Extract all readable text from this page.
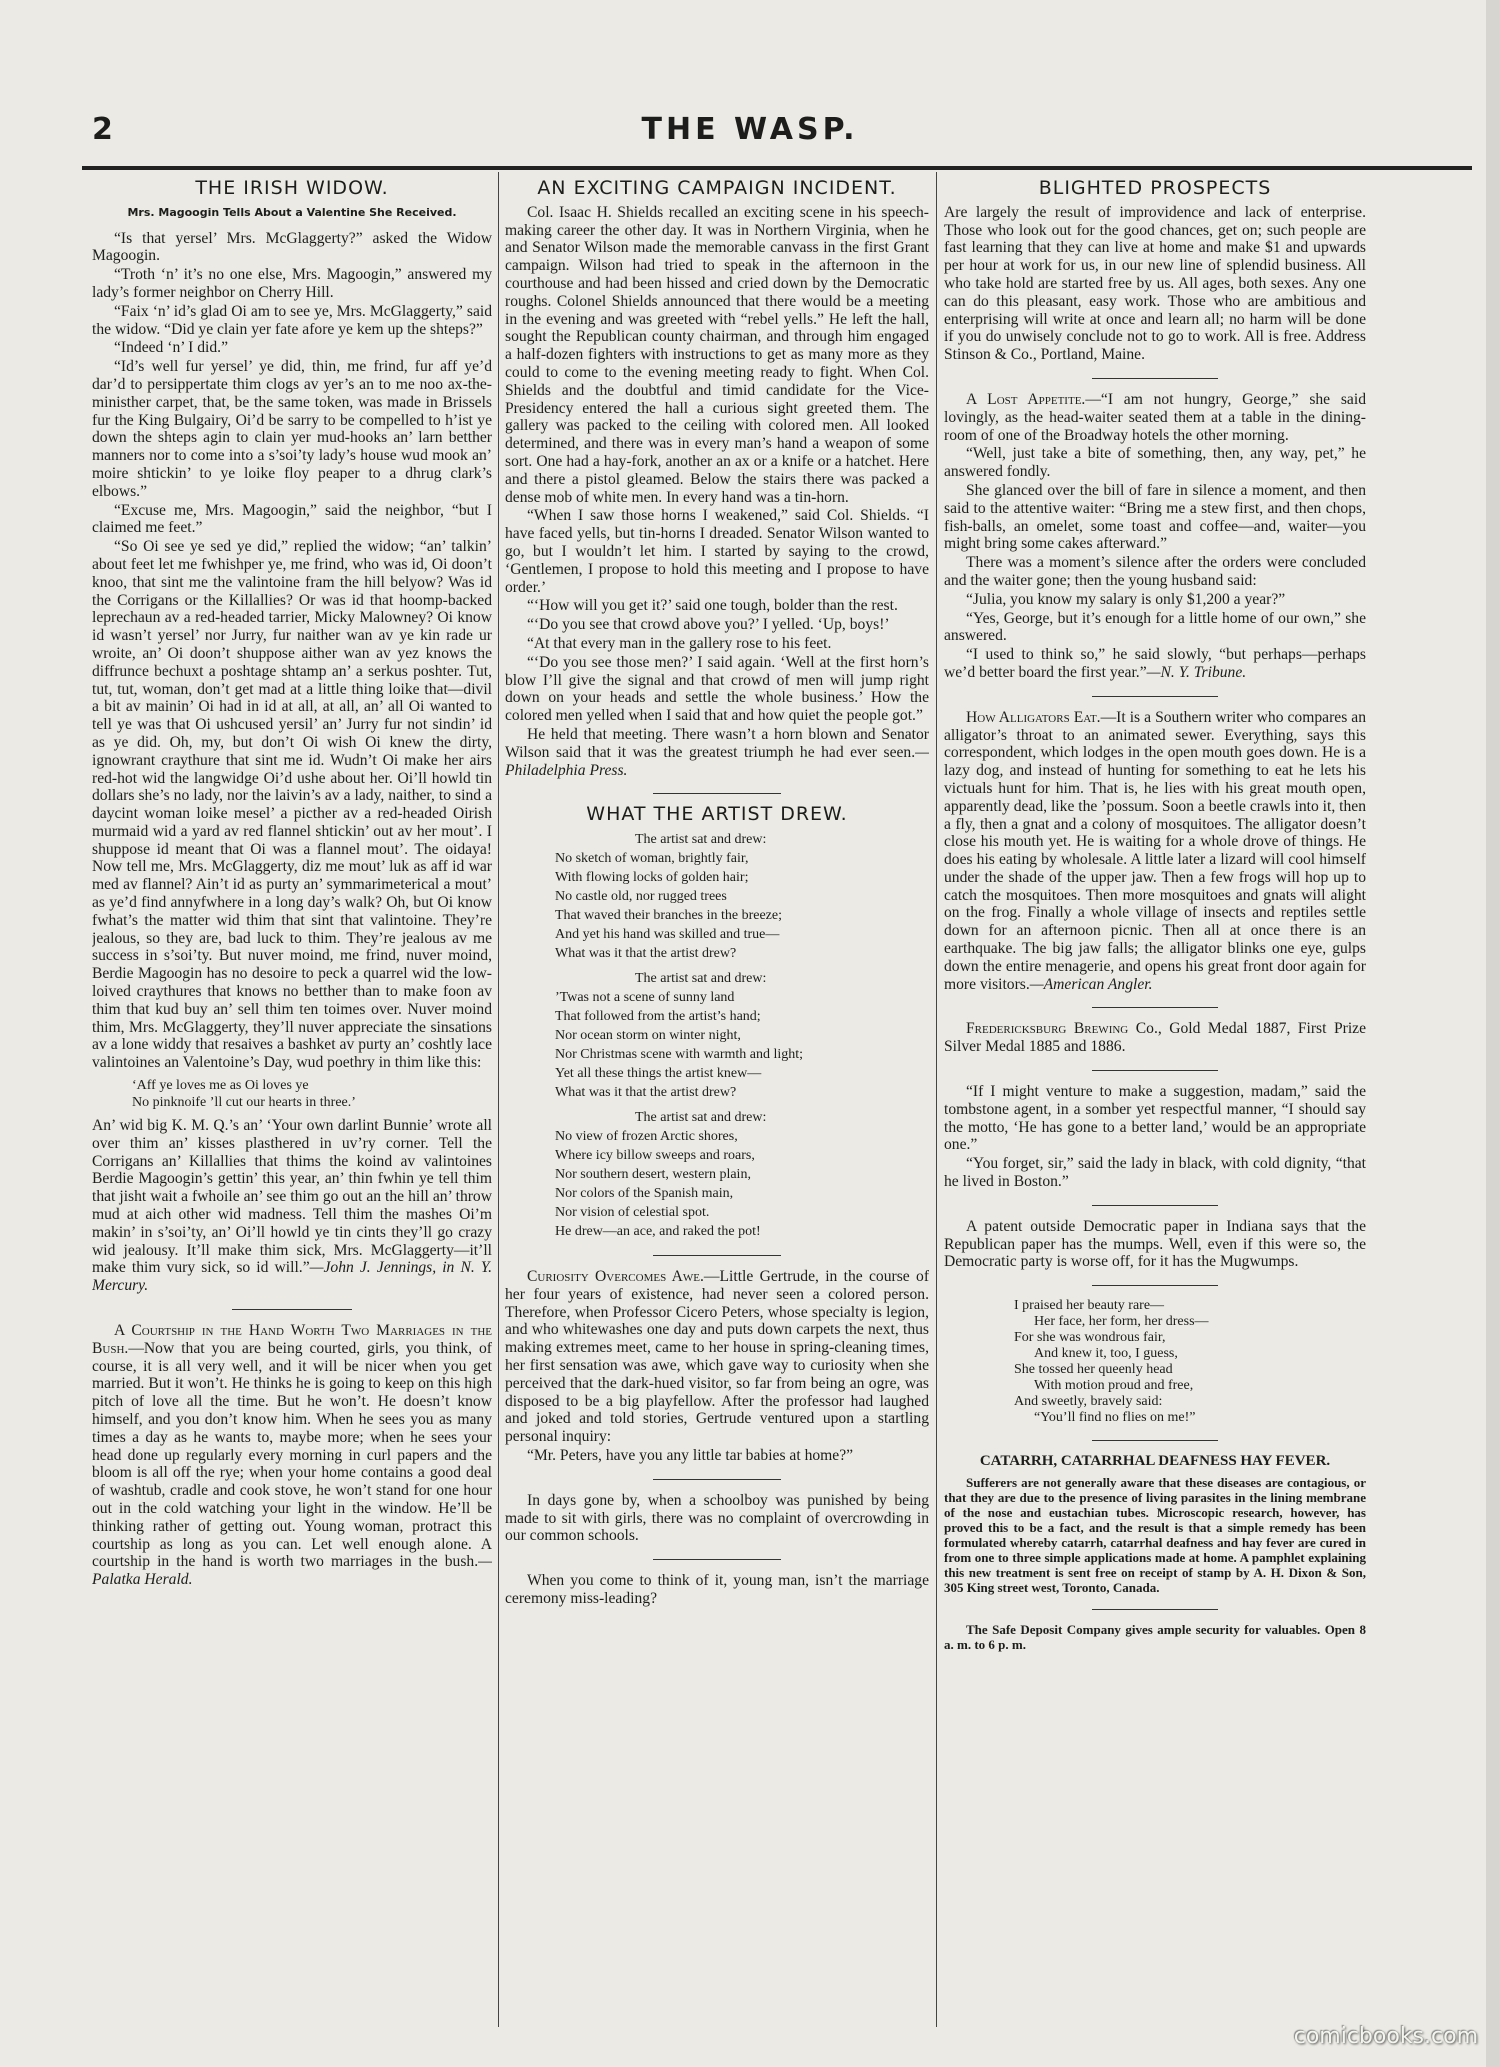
2	THE WASP.
THE IRISH WIDOW.
Mrs. Magoogin Tells About a Valentine She Received.

“Is that yersel’ Mrs. McGlaggerty?” asked the Widow Magoogin.

“Troth ‘n’ it’s no one else, Mrs. Magoogin,” answered my lady’s former neighbor on Cherry Hill.

“Faix ‘n’ id’s glad Oi am to see ye, Mrs. McGlaggerty,” said the widow. “Did ye clain yer fate afore ye kem up the shteps?”

“Indeed ‘n’ I did.”

“Id’s well fur yersel’ ye did, thin, me frind, fur aff ye’d dar’d to persippertate thim clogs av yer’s an to me noo ax-the-ministher carpet, that, be the same token, was made in Brissels fur the King Bulgairy, Oi’d be sarry to be compelled to h’ist ye down the shteps agin to clain yer mud-hooks an’ larn betther manners nor to come into a s’soi’ty lady’s house wud mook an’ moire shtickin’ to ye loike floy peaper to a dhrug clark’s elbows.”

“Excuse me, Mrs. Magoogin,” said the neighbor, “but I claimed me feet.”

“So Oi see ye sed ye did,” replied the widow; “an’ talkin’ about feet let me fwhishper ye, me frind, who was id, Oi doon’t knoo, that sint me the valintoine fram the hill belyow? Was id the Corrigans or the Killallies? Or was id that hoomp-backed leprechaun av a red-headed tarrier, Micky Malowney? Oi know id wasn’t yersel’ nor Jurry, fur naither wan av ye kin rade ur wroite, an’ Oi doon’t shuppose aither wan av yez knows the diffrunce bechuxt a poshtage shtamp an’ a serkus poshter. Tut, tut, tut, woman, don’t get mad at a little thing loike that—divil a bit av mainin’ Oi had in id at all, at all, an’ all Oi wanted to tell ye was that Oi ushcused yersil’ an’ Jurry fur not sindin’ id as ye did. Oh, my, but don’t Oi wish Oi knew the dirty, ignowrant craythure that sint me id. Wudn’t Oi make her airs red-hot wid the langwidge Oi’d ushe about her. Oi’ll howld tin dollars she’s no lady, nor the laivin’s av a lady, naither, to sind a daycint woman loike mesel’ a picther av a red-headed Oirish murmaid wid a yard av red flannel shtickin’ out av her mout’. I shuppose id meant that Oi was a flannel mout’. The oidaya! Now tell me, Mrs. McGlaggerty, diz me mout’ luk as aff id war med av flannel? Ain’t id as purty an’ symmarimeterical a mout’ as ye’d find annyfwhere in a long day’s walk? Oh, but Oi know fwhat’s the matter wid thim that sint that valintoine. They’re jealous, so they are, bad luck to thim. They’re jealous av me success in s’soi’ty. But nuver moind, me frind, nuver moind, Berdie Magoogin has no desoire to peck a quarrel wid the low-loived craythures that knows no betther than to make foon av thim that kud buy an’ sell thim ten toimes over. Nuver moind thim, Mrs. McGlaggerty, they’ll nuver appreciate the sinsations av a lone widdy that resaives a bashket av purty an’ coshtly lace valintoines an Valentoine’s Day, wud poethry in thim like this:

‘Aff ye loves me as Oi loves ye
No pinknoife ’ll cut our hearts in three.’

An’ wid big K. M. Q.’s an’ ‘Your own darlint Bunnie’ wrote all over thim an’ kisses plasthered in uv’ry corner. Tell the Corrigans an’ Killallies that thims the koind av valintoines Berdie Magoogin’s gettin’ this year, an’ thin fwhin ye tell thim that jisht wait a fwhoile an’ see thim go out an the hill an’ throw mud at aich other wid madness. Tell thim the mashes Oi’m makin’ in s’soi’ty, an’ Oi’ll howld ye tin cints they’ll go crazy wid jealousy. It’ll make thim sick, Mrs. McGlaggerty—it’ll make thim vury sick, so id will.”—John J. Jennings, in N. Y. Mercury.

A Courtship in the Hand Worth Two Marriages in the Bush.—Now that you are being courted, girls, you think, of course, it is all very well, and it will be nicer when you get married. But it won’t. He thinks he is going to keep on this high pitch of love all the time. But he won’t. He doesn’t know himself, and you don’t know him. When he sees you as many times a day as he wants to, maybe more; when he sees your head done up regularly every morning in curl papers and the bloom is all off the rye; when your home contains a good deal of washtub, cradle and cook stove, he won’t stand for one hour out in the cold watching your light in the window. He’ll be thinking rather of getting out. Young woman, protract this courtship as long as you can. Let well enough alone. A courtship in the hand is worth two marriages in the bush.—Palatka Herald.

AN EXCITING CAMPAIGN INCIDENT.

Col. Isaac H. Shields recalled an exciting scene in his speech-making career the other day. It was in Northern Virginia, when he and Senator Wilson made the memorable canvass in the first Grant campaign. Wilson had tried to speak in the afternoon in the courthouse and had been hissed and cried down by the Democratic roughs. Colonel Shields announced that there would be a meeting in the evening and was greeted with “rebel yells.” He left the hall, sought the Republican county chairman, and through him engaged a half-dozen fighters with instructions to get as many more as they could to come to the evening meeting ready to fight. When Col. Shields and the doubtful and timid candidate for the Vice-Presidency entered the hall a curious sight greeted them. The gallery was packed to the ceiling with colored men. All looked determined, and there was in every man’s hand a weapon of some sort. One had a hay-fork, another an ax or a knife or a hatchet. Here and there a pistol gleamed. Below the stairs there was packed a dense mob of white men. In every hand was a tin-horn.

“When I saw those horns I weakened,” said Col. Shields. “I have faced yells, but tin-horns I dreaded. Senator Wilson wanted to go, but I wouldn’t let him. I started by saying to the crowd, ‘Gentlemen, I propose to hold this meeting and I propose to have order.’

“‘How will you get it?’ said one tough, bolder than the rest.

“‘Do you see that crowd above you?’ I yelled. ‘Up, boys!’

“At that every man in the gallery rose to his feet.

“‘Do you see those men?’ I said again. ‘Well at the first horn’s blow I’ll give the signal and that crowd of men will jump right down on your heads and settle the whole business.’ How the colored men yelled when I said that and how quiet the people got.”

He held that meeting. There wasn’t a horn blown and Senator Wilson said that it was the greatest triumph he had ever seen.—Philadelphia Press.

WHAT THE ARTIST DREW.
The artist sat and drew:
No sketch of woman, brightly fair,
With flowing locks of golden hair;
No castle old, nor rugged trees
That waved their branches in the breeze;
And yet his hand was skilled and true—
What was it that the artist drew?
The artist sat and drew:
’Twas not a scene of sunny land
That followed from the artist’s hand;
Nor ocean storm on winter night,
Nor Christmas scene with warmth and light;
Yet all these things the artist knew—
What was it that the artist drew?
The artist sat and drew:
No view of frozen Arctic shores,
Where icy billow sweeps and roars,
Nor southern desert, western plain,
Nor colors of the Spanish main,
Nor vision of celestial spot.
He drew—an ace, and raked the pot!

Curiosity Overcomes Awe.—Little Gertrude, in the course of her four years of existence, had never seen a colored person. Therefore, when Professor Cicero Peters, whose specialty is legion, and who whitewashes one day and puts down carpets the next, thus making extremes meet, came to her house in spring-cleaning times, her first sensation was awe, which gave way to curiosity when she perceived that the dark-hued visitor, so far from being an ogre, was disposed to be a big playfellow. After the professor had laughed and joked and told stories, Gertrude ventured upon a startling personal inquiry:

“Mr. Peters, have you any little tar babies at home?”

In days gone by, when a schoolboy was punished by being made to sit with girls, there was no complaint of overcrowding in our common schools.

When you come to think of it, young man, isn’t the marriage ceremony miss-leading?

BLIGHTED PROSPECTS

Are largely the result of improvidence and lack of enterprise. Those who look out for the good chances, get on; such people are fast learning that they can live at home and make $1 and upwards per hour at work for us, in our new line of splendid business. All who take hold are started free by us. All ages, both sexes. Any one can do this pleasant, easy work. Those who are ambitious and enterprising will write at once and learn all; no harm will be done if you do unwisely conclude not to go to work. All is free. Address Stinson & Co., Portland, Maine.

A Lost Appetite.—“I am not hungry, George,” she said lovingly, as the head-waiter seated them at a table in the dining-room of one of the Broadway hotels the other morning.

“Well, just take a bite of something, then, any way, pet,” he answered fondly.

She glanced over the bill of fare in silence a moment, and then said to the attentive waiter: “Bring me a stew first, and then chops, fish-balls, an omelet, some toast and coffee—and, waiter—you might bring some cakes afterward.”

There was a moment’s silence after the orders were concluded and the waiter gone; then the young husband said:

“Julia, you know my salary is only $1,200 a year?”

“Yes, George, but it’s enough for a little home of our own,” she answered.

“I used to think so,” he said slowly, “but perhaps—perhaps we’d better board the first year.”—N. Y. Tribune.

How Alligators Eat.—It is a Southern writer who compares an alligator’s throat to an animated sewer. Everything, says this correspondent, which lodges in the open mouth goes down. He is a lazy dog, and instead of hunting for something to eat he lets his victuals hunt for him. That is, he lies with his great mouth open, apparently dead, like the ’possum. Soon a beetle crawls into it, then a fly, then a gnat and a colony of mosquitoes. The alligator doesn’t close his mouth yet. He is waiting for a whole drove of things. He does his eating by wholesale. A little later a lizard will cool himself under the shade of the upper jaw. Then a few frogs will hop up to catch the mosquitoes. Then more mosquitoes and gnats will alight on the frog. Finally a whole village of insects and reptiles settle down for an afternoon picnic. Then all at once there is an earthquake. The big jaw falls; the alligator blinks one eye, gulps down the entire menagerie, and opens his great front door again for more visitors.—American Angler.

Fredericksburg Brewing Co., Gold Medal 1887, First Prize Silver Medal 1885 and 1886.

“If I might venture to make a suggestion, madam,” said the tombstone agent, in a somber yet respectful manner, “I should say the motto, ‘He has gone to a better land,’ would be an appropriate one.”

“You forget, sir,” said the lady in black, with cold dignity, “that he lived in Boston.”

A patent outside Democratic paper in Indiana says that the Republican paper has the mumps. Well, even if this were so, the Democratic party is worse off, for it has the Mugwumps.

I praised her beauty rare—
Her face, her form, her dress—
For she was wondrous fair,
And knew it, too, I guess,
She tossed her queenly head
With motion proud and free,
And sweetly, bravely said:
“You’ll find no flies on me!”
CATARRH, CATARRHAL DEAFNESS HAY FEVER.

Sufferers are not generally aware that these diseases are contagious, or that they are due to the presence of living parasites in the lining membrane of the nose and eustachian tubes. Microscopic research, however, has proved this to be a fact, and the result is that a simple remedy has been formulated whereby catarrh, catarrhal deafness and hay fever are cured in from one to three simple applications made at home. A pamphlet explaining this new treatment is sent free on receipt of stamp by A. H. Dixon & Son, 305 King street west, Toronto, Canada.

The Safe Deposit Company gives ample security for valuables. Open 8 a. m. to 6 p. m.

comicbooks.com
